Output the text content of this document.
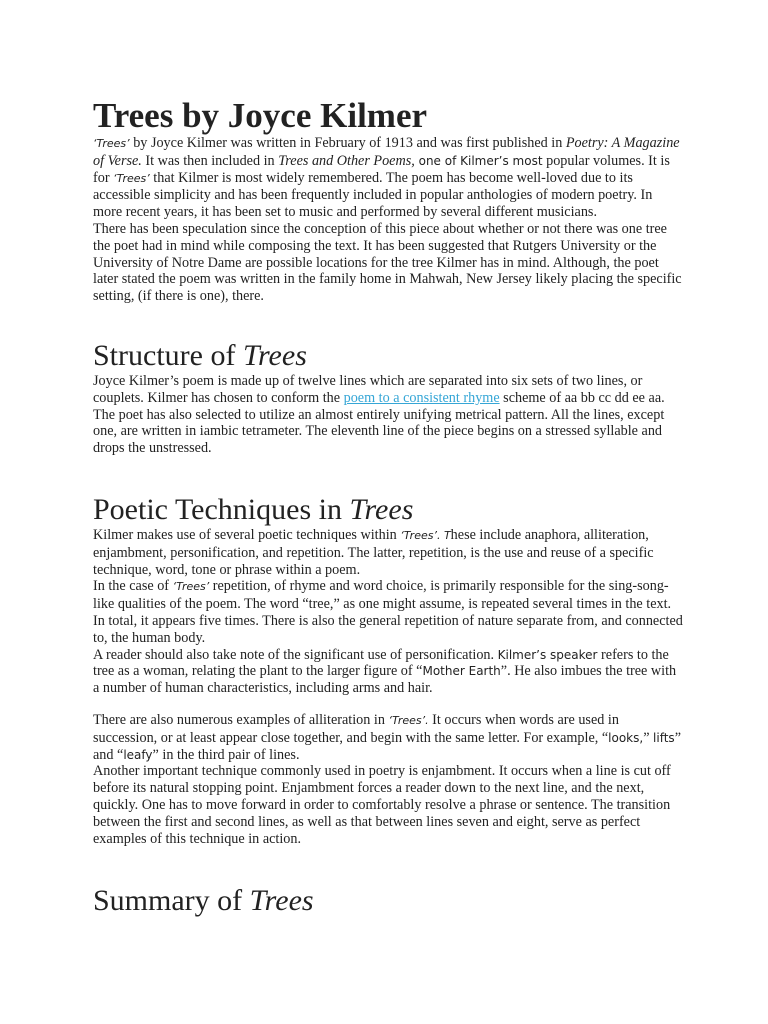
Trees by Joyce Kilmer

‘Trees’ by Joyce Kilmer was written in February of 1913 and was first published in Poetry: A Magazine of Verse. It was then included in Trees and Other Poems, one of Kilmer’s most popular volumes. It is for ‘Trees’ that Kilmer is most widely remembered. The poem has become well-loved due to its accessible simplicity and has been frequently included in popular anthologies of modern poetry. In more recent years, it has been set to music and performed by several different musicians.

There has been speculation since the conception of this piece about whether or not there was one tree the poet had in mind while composing the text. It has been suggested that Rutgers University or the University of Notre Dame are possible locations for the tree Kilmer has in mind. Although, the poet later stated the poem was written in the family home in Mahwah, New Jersey likely placing the specific setting, (if there is one), there.

Structure of Trees

Joyce Kilmer’s poem is made up of twelve lines which are separated into six sets of two lines, or couplets. Kilmer has chosen to conform the poem to a consistent rhyme scheme of aa bb cc dd ee aa. The poet has also selected to utilize an almost entirely unifying metrical pattern. All the lines, except one, are written in iambic tetrameter. The eleventh line of the piece begins on a stressed syllable and drops the unstressed.

Poetic Techniques in Trees

Kilmer makes use of several poetic techniques within ‘Trees’. These include anaphora, alliteration, enjambment, personification, and repetition. The latter, repetition, is the use and reuse of a specific technique, word, tone or phrase within a poem.

In the case of ‘Trees’ repetition, of rhyme and word choice, is primarily responsible for the sing-song-like qualities of the poem. The word “tree,” as one might assume, is repeated several times in the text. In total, it appears five times. There is also the general repetition of nature separate from, and connected to, the human body.

A reader should also take note of the significant use of personification. Kilmer’s speaker refers to the tree as a woman, relating the plant to the larger figure of “Mother Earth”. He also imbues the tree with a number of human characteristics, including arms and hair.

There are also numerous examples of alliteration in ‘Trees’. It occurs when words are used in succession, or at least appear close together, and begin with the same letter. For example, “looks,” lifts” and “leafy” in the third pair of lines.

Another important technique commonly used in poetry is enjambment. It occurs when a line is cut off before its natural stopping point. Enjambment forces a reader down to the next line, and the next, quickly. One has to move forward in order to comfortably resolve a phrase or sentence. The transition between the first and second lines, as well as that between lines seven and eight, serve as perfect examples of this technique in action.

Summary of Trees
